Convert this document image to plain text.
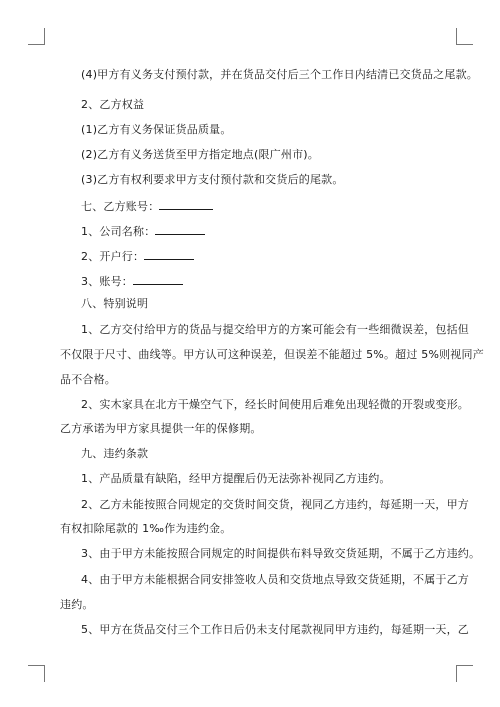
(4)甲方有义务支付预付款，并在货品交付后三个工作日内结清已交货品之尾款。
2、乙方权益
(1)乙方有义务保证货品质量。
(2)乙方有义务送货至甲方指定地点(限广州市)。
(3)乙方有权利要求甲方支付预付款和交货后的尾款。
七、乙方账号：
1、公司名称：
2、开户行：
3、账号：
八、特别说明
1、乙方交付给甲方的货品与提交给甲方的方案可能会有一些细微误差，包括但
不仅限于尺寸、曲线等。甲方认可这种误差，但误差不能超过 5%。超过 5%则视同产
品不合格。
2、实木家具在北方干燥空气下，经长时间使用后难免出现轻微的开裂或变形。
乙方承诺为甲方家具提供一年的保修期。
九、违约条款
1、产品质量有缺陷，经甲方提醒后仍无法弥补视同乙方违约。
2、乙方未能按照合同规定的交货时间交货，视同乙方违约，每延期一天，甲方
有权扣除尾款的 1‰作为违约金。
3、由于甲方未能按照合同规定的时间提供布料导致交货延期，不属于乙方违约。
4、由于甲方未能根据合同安排签收人员和交货地点导致交货延期，不属于乙方
违约。
5、甲方在货品交付三个工作日后仍未支付尾款视同甲方违约，每延期一天，乙
